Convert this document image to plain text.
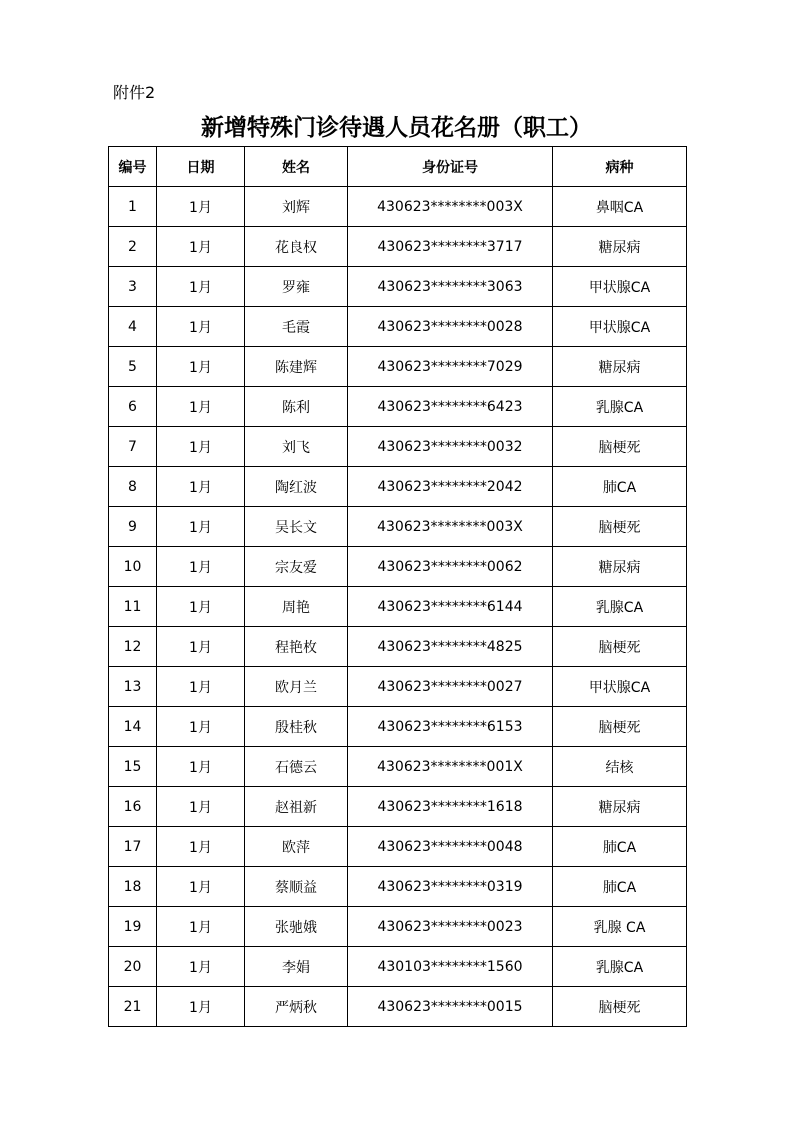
附件2
新增特殊门诊待遇人员花名册（职工）
编号	日期	姓名	身份证号	病种
1	1月	刘辉	430623********003X	鼻咽CA
2	1月	花良权	430623********3717	糖尿病
3	1月	罗雍	430623********3063	甲状腺CA
4	1月	毛霞	430623********0028	甲状腺CA
5	1月	陈建辉	430623********7029	糖尿病
6	1月	陈利	430623********6423	乳腺CA
7	1月	刘飞	430623********0032	脑梗死
8	1月	陶红波	430623********2042	肺CA
9	1月	吴长文	430623********003X	脑梗死
10	1月	宗友爱	430623********0062	糖尿病
11	1月	周艳	430623********6144	乳腺CA
12	1月	程艳枚	430623********4825	脑梗死
13	1月	欧月兰	430623********0027	甲状腺CA
14	1月	殷桂秋	430623********6153	脑梗死
15	1月	石德云	430623********001X	结核
16	1月	赵祖新	430623********1618	糖尿病
17	1月	欧萍	430623********0048	肺CA
18	1月	蔡顺益	430623********0319	肺CA
19	1月	张驰娥	430623********0023	乳腺 CA
20	1月	李娟	430103********1560	乳腺CA
21	1月	严炳秋	430623********0015	脑梗死
